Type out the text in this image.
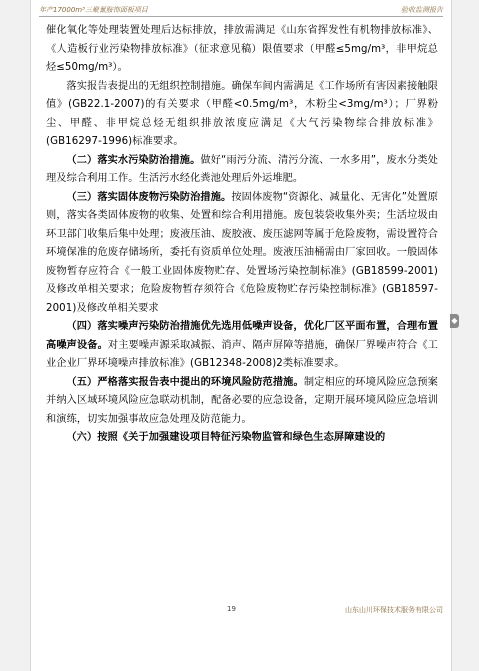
年产17000m³三聚氰胺饰面板项目	验收监测报告

催化氧化等处理装置处理后达标排放，排放需满足《山东省挥发性有机物排放标准》、《人造板行业污染物排放标准》（征求意见稿）限值要求（甲醛≤5mg/m³，非甲烷总烃≤50mg/m³）。

落实报告表提出的无组织控制措施。确保车间内需满足《工作场所有害因素接触限值》(GB22.1-2007)的有关要求（甲醛<0.5mg/m³，木粉尘<3mg/m³）；厂界粉尘、甲醛、非甲烷总烃无组织排放浓度应满足《大气污染物综合排放标准》(GB16297-1996)标准要求。

（二）落实水污染防治措施。做好“雨污分流、清污分流、一水多用”，废水分类处理及综合利用工作。生活污水经化粪池处理后外运堆肥。

（三）落实固体废物污染防治措施。按固体废物“资源化、减量化、无害化”处置原则，落实各类固体废物的收集、处置和综合利用措施。废包装袋收集外卖；生活垃圾由环卫部门收集后集中处理；废液压油、废胶液、废压滤网等属于危险废物，需设置符合环境保准的危废存储场所，委托有资质单位处理。废液压油桶需由厂家回收。一般固体废物暂存应符合《一般工业固体废物贮存、处置场污染控制标准》(GB18599-2001)及修改单相关要求；危险废物暂存须符合《危险废物贮存污染控制标准》(GB18597-2001)及修改单相关要求

（四）落实噪声污染防治措施优先选用低噪声设备，优化厂区平面布置，合理布置高噪声设备。对主要噪声源采取减振、消声、隔声屏障等措施，确保厂界噪声符合《工业企业厂界环境噪声排放标准》(GB12348-2008)2类标准要求。

（五）严格落实报告表中提出的环境风险防范措施。制定相应的环境风险应急预案并纳入区域环境风险应急联动机制，配备必要的应急设备，定期开展环境风险应急培训和演练，切实加强事故应急处理及防范能力。

（六）按照《关于加强建设项目特征污染物监管和绿色生态屏障建设的

19	山东山川环保技术服务有限公司
◆
